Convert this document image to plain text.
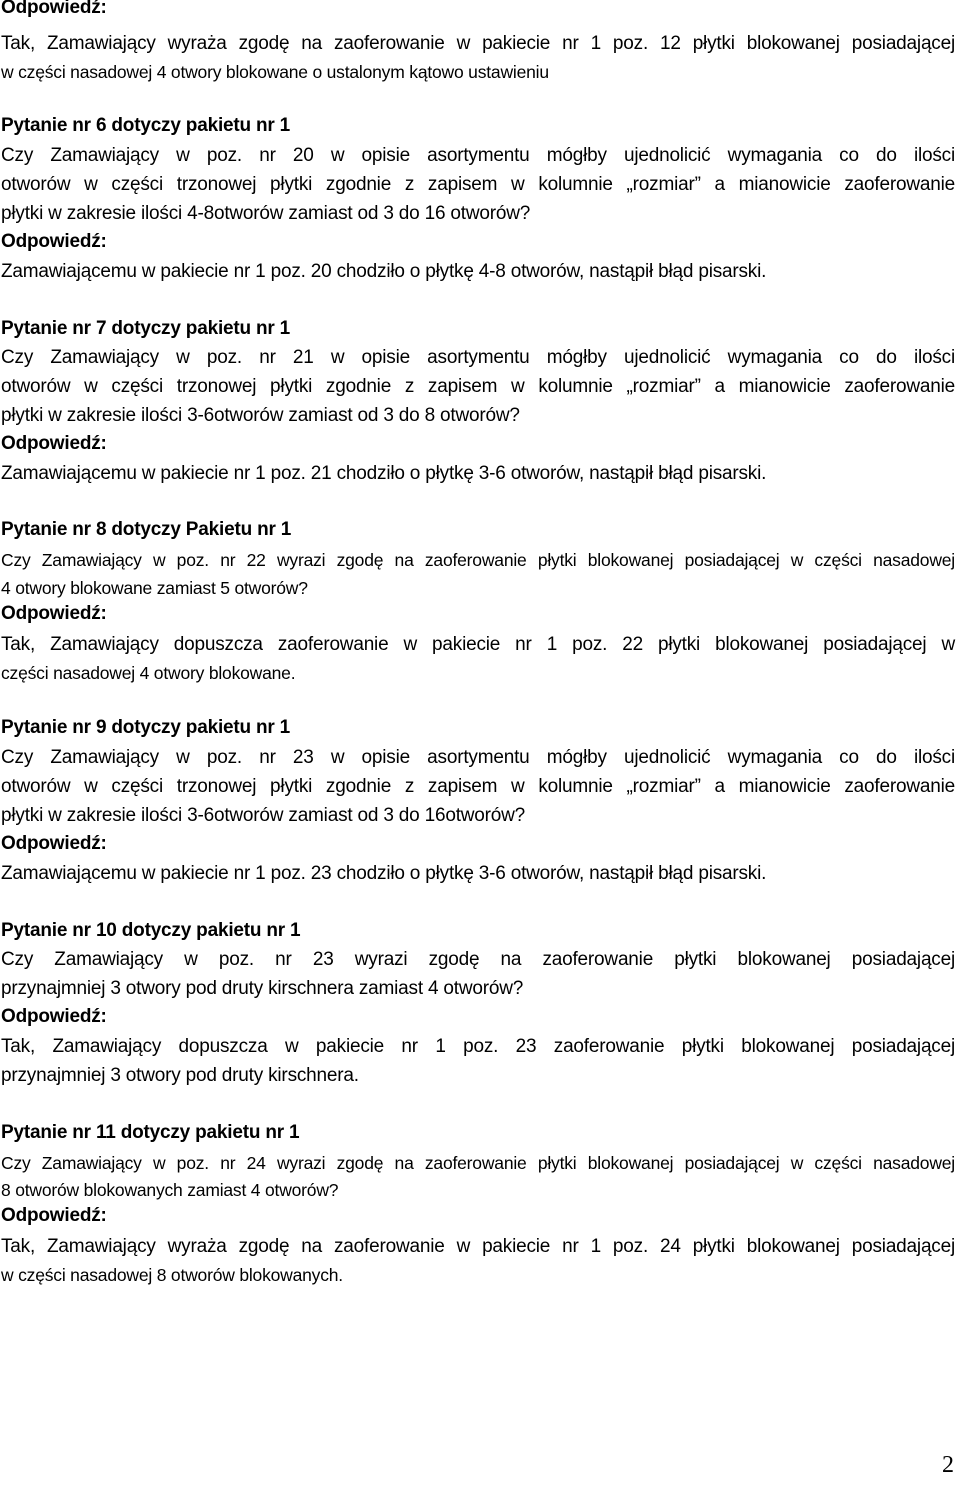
Odpowiedź:

Tak, Zamawiający wyraża zgodę na zaoferowanie w pakiecie nr 1 poz. 12 płytki blokowanej posiadającej

w części nasadowej 4 otwory blokowane o ustalonym kątowo ustawieniu

Pytanie nr 6 dotyczy pakietu nr 1

Czy Zamawiający w poz. nr 20 w opisie asortymentu mógłby ujednolicić wymagania co do ilości

otworów w części trzonowej płytki zgodnie z zapisem w kolumnie „rozmiar” a mianowicie zaoferowanie

płytki w zakresie ilości 4-8otworów zamiast od 3 do 16 otworów?

Odpowiedź:

Zamawiającemu w pakiecie nr 1 poz. 20 chodziło o płytkę 4-8 otworów, nastąpił błąd pisarski.

Pytanie nr 7 dotyczy pakietu nr 1

Czy Zamawiający w poz. nr 21 w opisie asortymentu mógłby ujednolicić wymagania co do ilości

otworów w części trzonowej płytki zgodnie z zapisem w kolumnie „rozmiar” a mianowicie zaoferowanie

płytki w zakresie ilości 3-6otworów zamiast od 3 do 8 otworów?

Odpowiedź:

Zamawiającemu w pakiecie nr 1 poz. 21 chodziło o płytkę 3-6 otworów, nastąpił błąd pisarski.

Pytanie nr 8 dotyczy Pakietu nr 1

Czy Zamawiający w poz. nr 22 wyrazi zgodę na zaoferowanie płytki blokowanej posiadającej w części nasadowej

4 otwory blokowane zamiast 5 otworów?

Odpowiedź:

Tak, Zamawiający dopuszcza zaoferowanie w pakiecie nr 1 poz. 22 płytki blokowanej posiadającej w

części nasadowej 4 otwory blokowane.

Pytanie nr 9 dotyczy pakietu nr 1

Czy Zamawiający w poz. nr 23 w opisie asortymentu mógłby ujednolicić wymagania co do ilości

otworów w części trzonowej płytki zgodnie z zapisem w kolumnie „rozmiar” a mianowicie zaoferowanie

płytki w zakresie ilości 3-6otworów zamiast od 3 do 16otworów?

Odpowiedź:

Zamawiającemu w pakiecie nr 1 poz. 23 chodziło o płytkę 3-6 otworów, nastąpił błąd pisarski.

Pytanie nr 10 dotyczy pakietu nr 1

Czy Zamawiający w poz. nr 23 wyrazi zgodę na zaoferowanie płytki blokowanej posiadającej

przynajmniej 3 otwory pod druty kirschnera zamiast 4 otworów?

Odpowiedź:

Tak, Zamawiający dopuszcza w pakiecie nr 1 poz. 23 zaoferowanie płytki blokowanej posiadającej

przynajmniej 3 otwory pod druty kirschnera.

Pytanie nr 11 dotyczy pakietu nr 1

Czy Zamawiający w poz. nr 24 wyrazi zgodę na zaoferowanie płytki blokowanej posiadającej w części nasadowej

8 otworów blokowanych zamiast 4 otworów?

Odpowiedź:

Tak, Zamawiający wyraża zgodę na zaoferowanie w pakiecie nr 1 poz. 24 płytki blokowanej posiadającej

w części nasadowej 8 otworów blokowanych.

2
